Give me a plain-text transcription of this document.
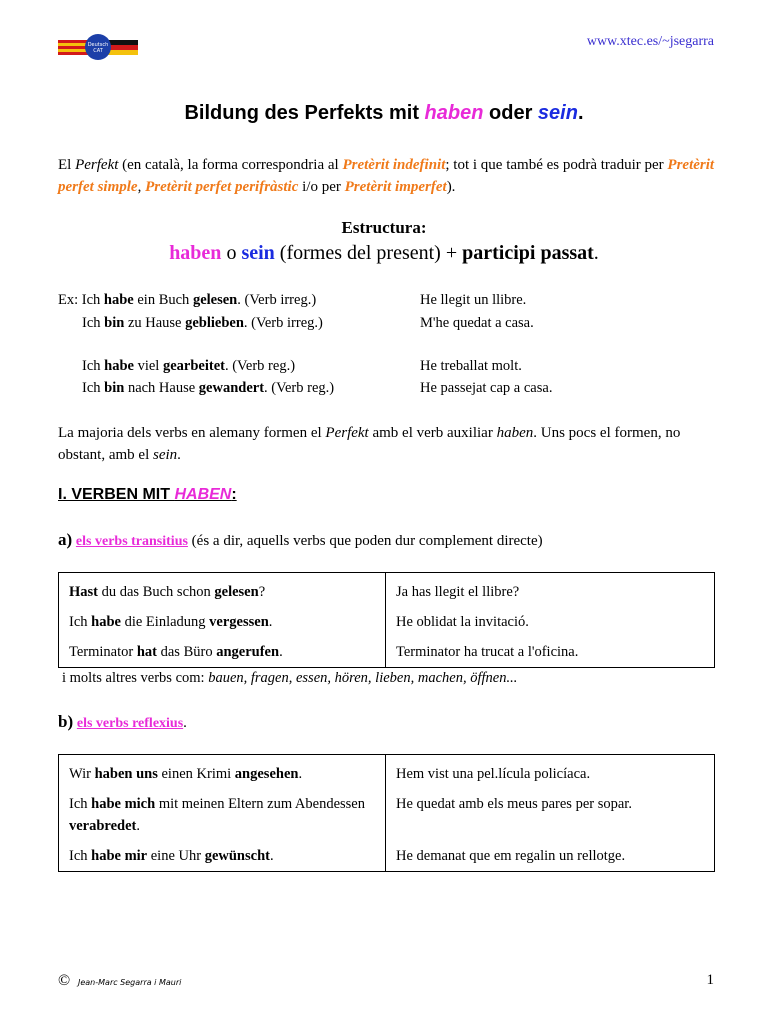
Deutsch
CAT
www.xtec.es/~jsegarra
Bildung des Perfekts mit haben oder sein.
El Perfekt (en català, la forma correspondria al Pretèrit indefinit; tot i que també es podrà traduir per Pretèrit perfet simple, Pretèrit perfet perifràstic i/o per Pretèrit imperfet).
Estructura:
haben o sein (formes del present) + participi passat.
Ex: Ich habe ein Buch gelesen. (Verb irreg.)	He llegit un llibre.
Ich bin zu Hause geblieben. (Verb irreg.)	M'he quedat a casa.
Ich habe viel gearbeitet. (Verb reg.)	He treballat molt.
Ich bin nach Hause gewandert. (Verb reg.)	He passejat cap a casa.
La majoria dels verbs en alemany formen el Perfekt amb el verb auxiliar haben. Uns pocs el formen, no obstant, amb el sein.
I. VERBEN MIT HABEN:
a) els verbs transitius (és a dir, aquells verbs que poden dur complement directe)
Hast du das Buch schon gelesen?	Ja has llegit el llibre?
Ich habe die Einladung vergessen.	He oblidat la invitació.
Terminator hat das Büro angerufen.	Terminator ha trucat a l'oficina.
i molts altres verbs com: bauen, fragen, essen, hören, lieben, machen, öffnen...
b) els verbs reflexius.
Wir haben uns einen Krimi angesehen.	Hem vist una pel.lícula policíaca.
Ich habe mich mit meinen Eltern zum Abendessen verabredet.	He quedat amb els meus pares per sopar.
Ich habe mir eine Uhr gewünscht.	He demanat que em regalin un rellotge.
© Jean-Marc Segarra i Mauri	1
